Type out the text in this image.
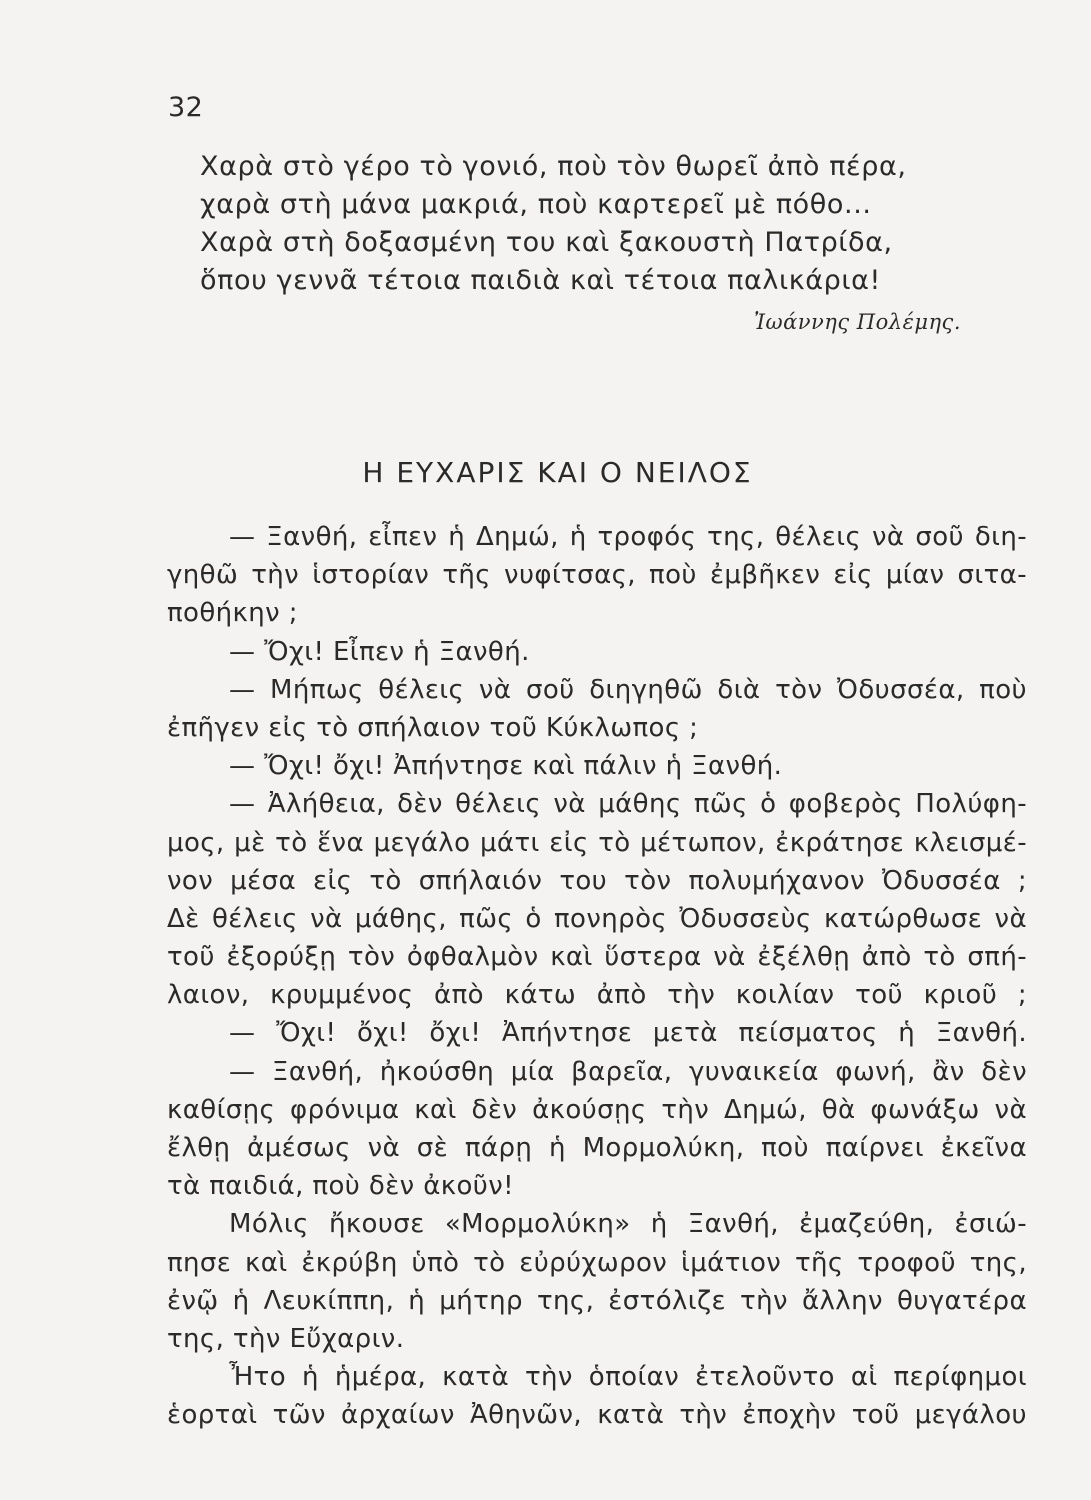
32
Χαρὰ στὸ γέρο τὸ γονιό, ποὺ τὸν θωρεῖ ἀπὸ πέρα,
χαρὰ στὴ μάνα μακριά, ποὺ καρτερεῖ μὲ πόθο...
Χαρὰ στὴ δοξασμένη του καὶ ξακουστὴ Πατρίδα,
ὅπου γεννᾶ τέτοια παιδιὰ καὶ τέτοια παλικάρια!
Ἰωάννης Πολέμης.
Η ΕΥΧΑΡΙΣ ΚΑΙ Ο ΝΕΙΛΟΣ
— Ξανθή, εἶπεν ἡ Δημώ, ἡ τροφός της, θέλεις νὰ σοῦ διη-
γηθῶ τὴν ἱστορίαν τῆς νυφίτσας, ποὺ ἐμβῆκεν εἰς μίαν σιτα-
ποθήκην ;
— Ὄχι! Εἶπεν ἡ Ξανθή.
— Μήπως θέλεις νὰ σοῦ διηγηθῶ διὰ τὸν Ὀδυσσέα, ποὺ
ἐπῆγεν εἰς τὸ σπήλαιον τοῦ Κύκλωπος ;
— Ὄχι! ὄχι! Ἀπήντησε καὶ πάλιν ἡ Ξανθή.
— Ἀλήθεια, δὲν θέλεις νὰ μάθης πῶς ὁ φοβερὸς Πολύφη-
μος, μὲ τὸ ἕνα μεγάλο μάτι εἰς τὸ μέτωπον, ἐκράτησε κλεισμέ-
νον μέσα εἰς τὸ σπήλαιόν του τὸν πολυμήχανον Ὀδυσσέα ;
Δὲ θέλεις νὰ μάθης, πῶς ὁ πονηρὸς Ὀδυσσεὺς κατώρθωσε νὰ
τοῦ ἐξορύξῃ τὸν ὀφθαλμὸν καὶ ὕστερα νὰ ἐξέλθῃ ἀπὸ τὸ σπή-
λαιον, κρυμμένος ἀπὸ κάτω ἀπὸ τὴν κοιλίαν τοῦ κριοῦ ;
— Ὄχι! ὄχι! ὄχι! Ἀπήντησε μετὰ πείσματος ἡ Ξανθή.
— Ξανθή, ἠκούσθη μία βαρεῖα, γυναικεία φωνή, ἂν δὲν
καθίσῃς φρόνιμα καὶ δὲν ἀκούσῃς τὴν Δημώ, θὰ φωνάξω νὰ
ἔλθῃ ἀμέσως νὰ σὲ πάρῃ ἡ Μορμολύκη, ποὺ παίρνει ἐκεῖνα
τὰ παιδιά, ποὺ δὲν ἀκοῦν!
Μόλις ἤκουσε «Μορμολύκη» ἡ Ξανθή, ἐμαζεύθη, ἐσιώ-
πησε καὶ ἐκρύβη ὑπὸ τὸ εὐρύχωρον ἱμάτιον τῆς τροφοῦ της,
ἐνῷ ἡ Λευκίππη, ἡ μήτηρ της, ἐστόλιζε τὴν ἄλλην θυγατέρα
της, τὴν Εὔχαριν.
Ἦτο ἡ ἡμέρα, κατὰ τὴν ὁποίαν ἐτελοῦντο αἱ περίφημοι
ἑορταὶ τῶν ἀρχαίων Ἀθηνῶν, κατὰ τὴν ἐποχὴν τοῦ μεγάλου
